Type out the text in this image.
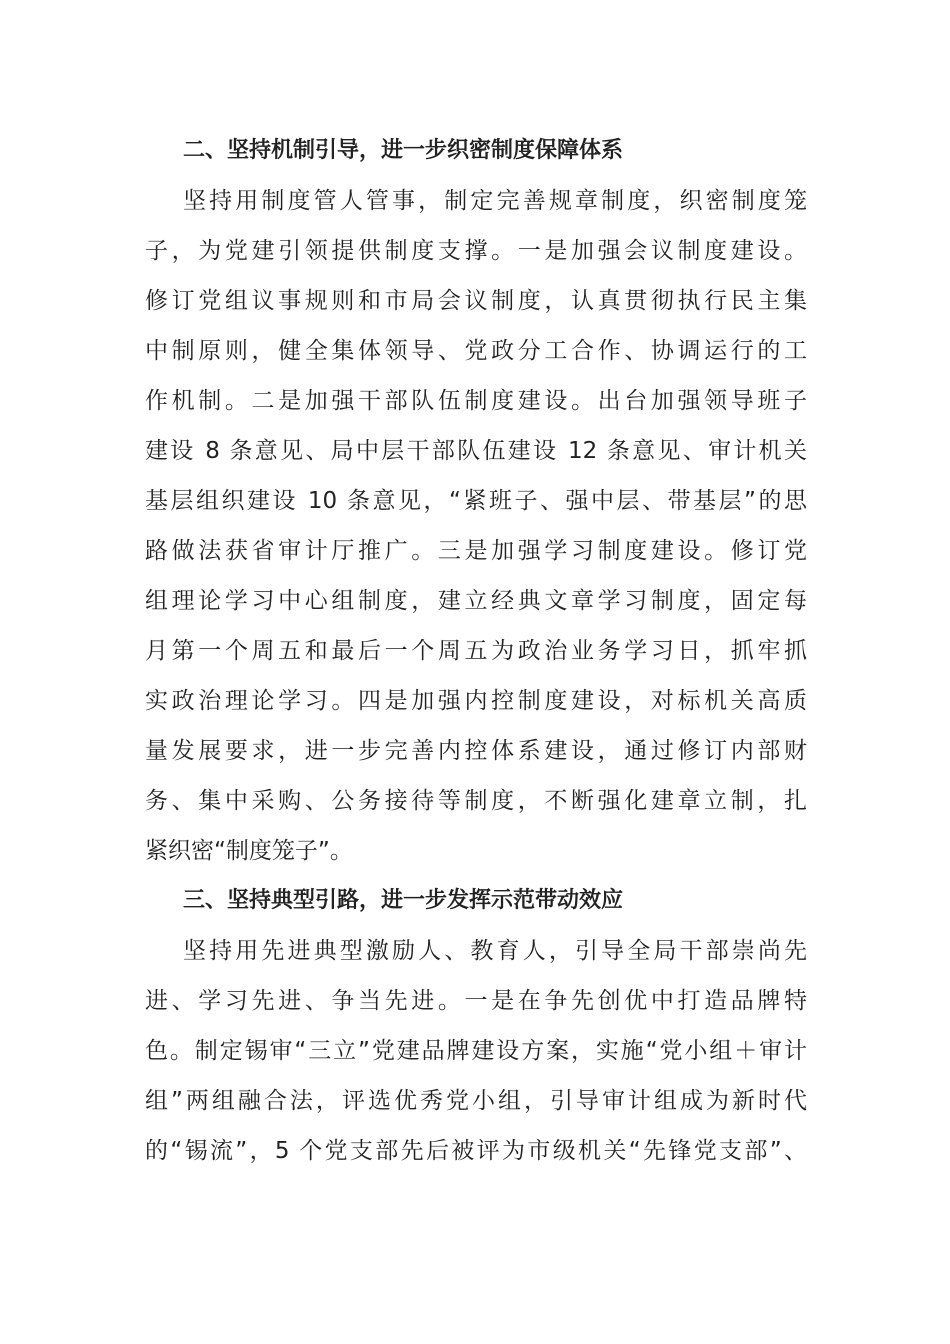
二、坚持机制引导，进一步织密制度保障体系
坚持用制度管人管事，制定完善规章制度，织密制度笼
子，为党建引领提供制度支撑。一是加强会议制度建设。
修订党组议事规则和市局会议制度，认真贯彻执行民主集
中制原则，健全集体领导、党政分工合作、协调运行的工
作机制。二是加强干部队伍制度建设。出台加强领导班子
建设 8 条意见、局中层干部队伍建设 12 条意见、审计机关
基层组织建设 10 条意见，“紧班子、强中层、带基层”的思
路做法获省审计厅推广。三是加强学习制度建设。修订党
组理论学习中心组制度，建立经典文章学习制度，固定每
月第一个周五和最后一个周五为政治业务学习日，抓牢抓
实政治理论学习。四是加强内控制度建设，对标机关高质
量发展要求，进一步完善内控体系建设，通过修订内部财
务、集中采购、公务接待等制度，不断强化建章立制，扎
紧织密“制度笼子”。
三、坚持典型引路，进一步发挥示范带动效应
坚持用先进典型激励人、教育人，引导全局干部崇尚先
进、学习先进、争当先进。一是在争先创优中打造品牌特
色。制定锡审“三立”党建品牌建设方案，实施“党小组＋审计
组”两组融合法，评选优秀党小组，引导审计组成为新时代
的“锡流”，5 个党支部先后被评为市级机关“先锋党支部”、
